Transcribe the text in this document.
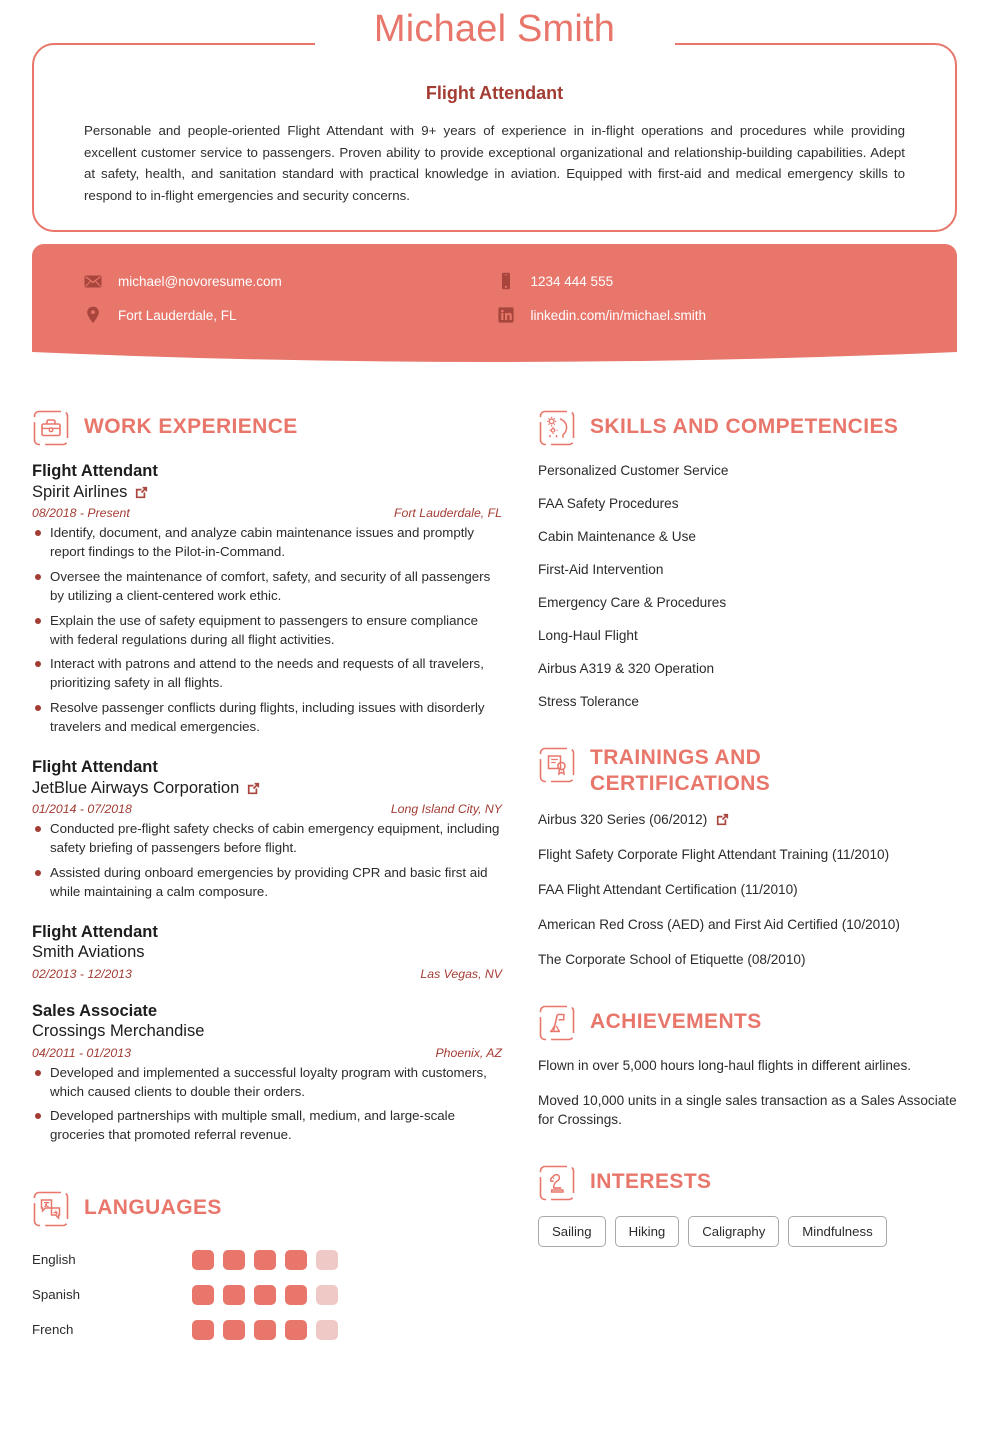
Michael Smith
Flight Attendant
Personable and people-oriented Flight Attendant with 9+ years of experience in in-flight operations and procedures while providing excellent customer service to passengers. Proven ability to provide exceptional organizational and relationship-building capabilities. Adept at safety, health, and sanitation standard with practical knowledge in aviation. Equipped with first-aid and medical emergency skills to respond to in-flight emergencies and security concerns.
michael@novoresume.com
Fort Lauderdale, FL
1234 444 555
linkedin.com/in/michael.smith
WORK EXPERIENCE
Flight Attendant
Spirit Airlines
08/2018 - Present	Fort Lauderdale, FL
Identify, document, and analyze cabin maintenance issues and promptly report findings to the Pilot-in-Command.
Oversee the maintenance of comfort, safety, and security of all passengers by utilizing a client-centered work ethic.
Explain the use of safety equipment to passengers to ensure compliance with federal regulations during all flight activities.
Interact with patrons and attend to the needs and requests of all travelers, prioritizing safety in all flights.
Resolve passenger conflicts during flights, including issues with disorderly travelers and medical emergencies.
Flight Attendant
JetBlue Airways Corporation
01/2014 - 07/2018	Long Island City, NY
Conducted pre-flight safety checks of cabin emergency equipment, including safety briefing of passengers before flight.
Assisted during onboard emergencies by providing CPR and basic first aid while maintaining a calm composure.
Flight Attendant
Smith Aviations
02/2013 - 12/2013	Las Vegas, NV
Sales Associate
Crossings Merchandise
04/2011 - 01/2013	Phoenix, AZ
Developed and implemented a successful loyalty program with customers, which caused clients to double their orders.
Developed partnerships with multiple small, medium, and large-scale groceries that promoted referral revenue.
LANGUAGES
English
Spanish
French
SKILLS AND COMPETENCIES
Personalized Customer Service
FAA Safety Procedures
Cabin Maintenance & Use
First-Aid Intervention
Emergency Care & Procedures
Long-Haul Flight
Airbus A319 & 320 Operation
Stress Tolerance
TRAININGS AND
CERTIFICATIONS
Airbus 320 Series (06/2012)
Flight Safety Corporate Flight Attendant Training (11/2010)
FAA Flight Attendant Certification (11/2010)
American Red Cross (AED) and First Aid Certified (10/2010)
The Corporate School of Etiquette (08/2010)
ACHIEVEMENTS
Flown in over 5,000 hours long-haul flights in different airlines.
Moved 10,000 units in a single sales transaction as a Sales Associate for Crossings.
INTERESTS
Sailing	Hiking	Caligraphy	Mindfulness
